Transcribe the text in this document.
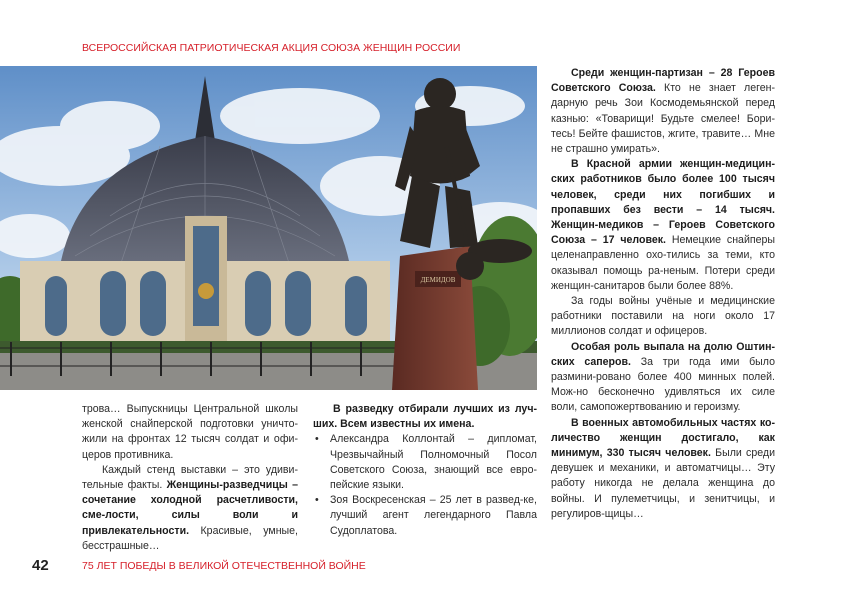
ВСЕРОССИЙСКАЯ ПАТРИОТИЧЕСКАЯ АКЦИЯ СОЮЗА ЖЕНЩИН РОССИИ
ДЕМИДОВ

трова… Выпускницы Центральной школы женской снайперской подготовки уничто-жили на фронтах 12 тысяч солдат и офи-церов противника.

Каждый стенд выставки – это удиви-тельные факты. Женщины-разведчицы – сочетание холодной расчетливости, сме-лости, силы воли и привлекательности. Красивые, умные, бесстрашные…

В разведку отбирали лучших из луч-ших. Всем известны их имена.

• Александра Коллонтай – дипломат, Чрезвычайный Полномочный Посол Советского Союза, знающий все евро-пейские языки.

• Зоя Воскресенская – 25 лет в развед-ке, лучший агент легендарного Павла Судоплатова.

Среди женщин-партизан – 28 Героев Советского Союза. Кто не знает леген-дарную речь Зои Космодемьянской перед казнью: «Товарищи! Будьте смелее! Бори-тесь! Бейте фашистов, жгите, травите… Мне не страшно умирать».

В Красной армии женщин-медицин-ских работников было более 100 тысяч человек, среди них погибших и пропавших без вести – 14 тысяч. Женщин-медиков – Героев Советского Союза – 17 человек. Немецкие снайперы целенаправленно охо-тились за теми, кто оказывал помощь ра-неным. Потери среди женщин-санитаров были более 88%.

За годы войны учёные и медицинские работники поставили на ноги около 17 миллионов солдат и офицеров.

Особая роль выпала на долю Оштин-ских саперов. За три года ими было размини-ровано более 400 минных полей. Мож-но бесконечно удивляться их силе воли, самопожертвованию и героизму.

В военных автомобильных частях ко-личество женщин достигало, как минимум, 330 тысяч человек. Были среди девушек и механики, и автоматчицы… Эту работу никогда не делала женщина до войны. И пулеметчицы, и зенитчицы, и регулиров-щицы…

42	75 ЛЕТ ПОБЕДЫ В ВЕЛИКОЙ ОТЕЧЕСТВЕННОЙ ВОЙНЕ
